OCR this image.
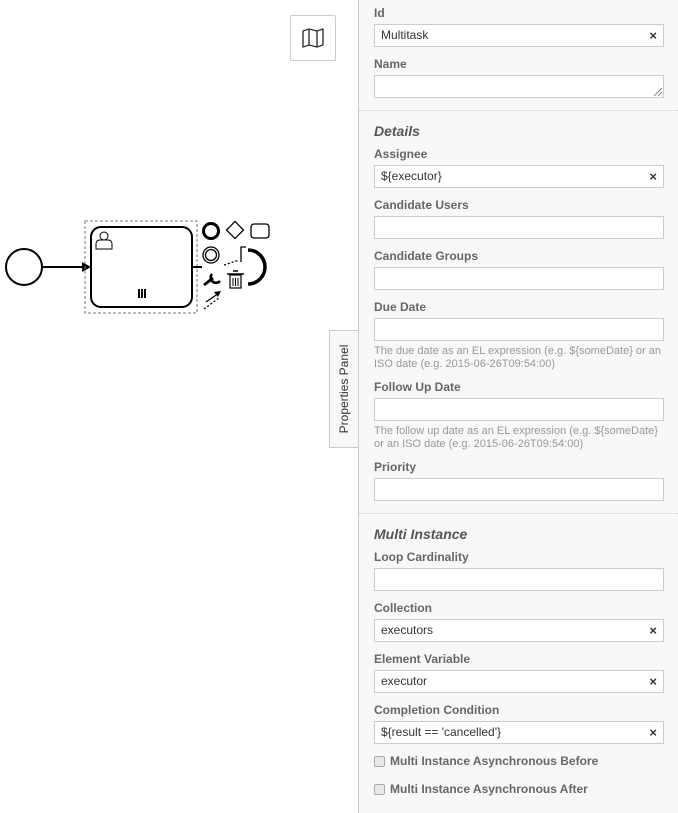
Properties Panel
Id
Multitask	×
Name
Details
Assignee
${executor}	×
Candidate Users
Candidate Groups
Due Date
The due date as an EL expression (e.g. ${someDate} or an ISO date (e.g. 2015-06-26T09:54:00)
Follow Up Date
The follow up date as an EL expression (e.g. ${someDate} or an ISO date (e.g. 2015-06-26T09:54:00)
Priority
Multi Instance
Loop Cardinality
Collection
executors	×
Element Variable
executor	×
Completion Condition
${result == 'cancelled'}	×
Multi Instance Asynchronous Before
Multi Instance Asynchronous After
